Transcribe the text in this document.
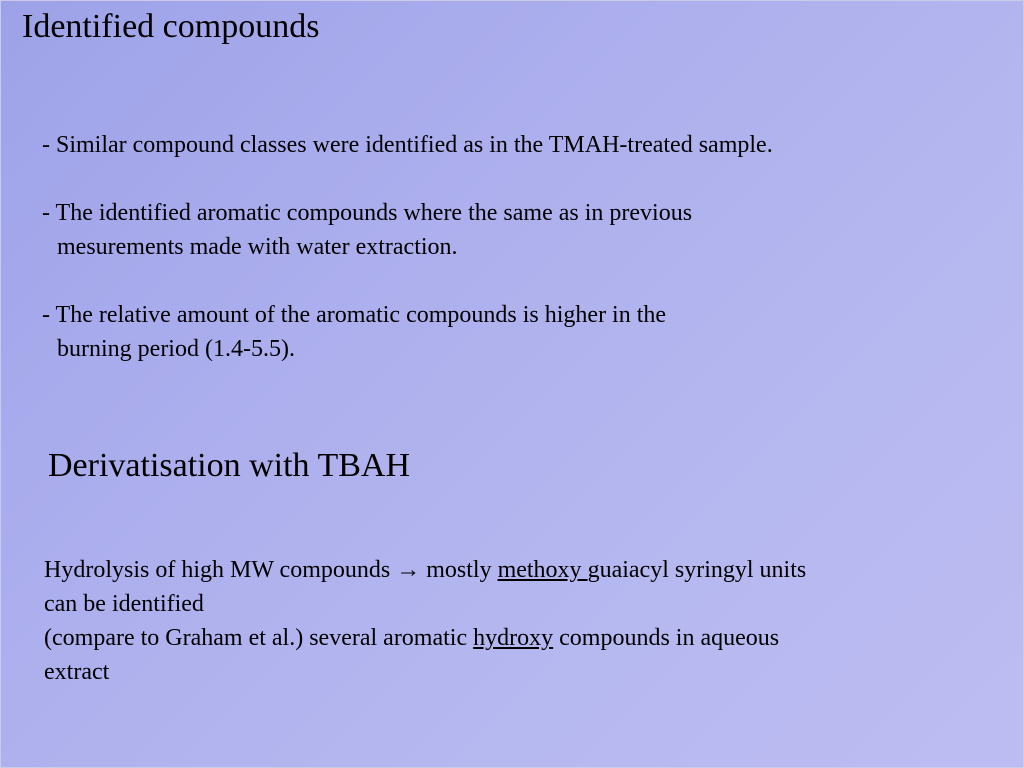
Identified compounds
- Similar compound classes were identified as in the TMAH-treated sample.
- The identified aromatic compounds where the same as in previous
mesurements made with water extraction.
- The relative amount of the aromatic compounds is higher in the
burning period (1.4-5.5).
Derivatisation with TBAH

Hydrolysis of high MW compounds → mostly methoxy guaiacyl syringyl units

can be identified

(compare to Graham et al.) several aromatic hydroxy compounds in aqueous

extract
